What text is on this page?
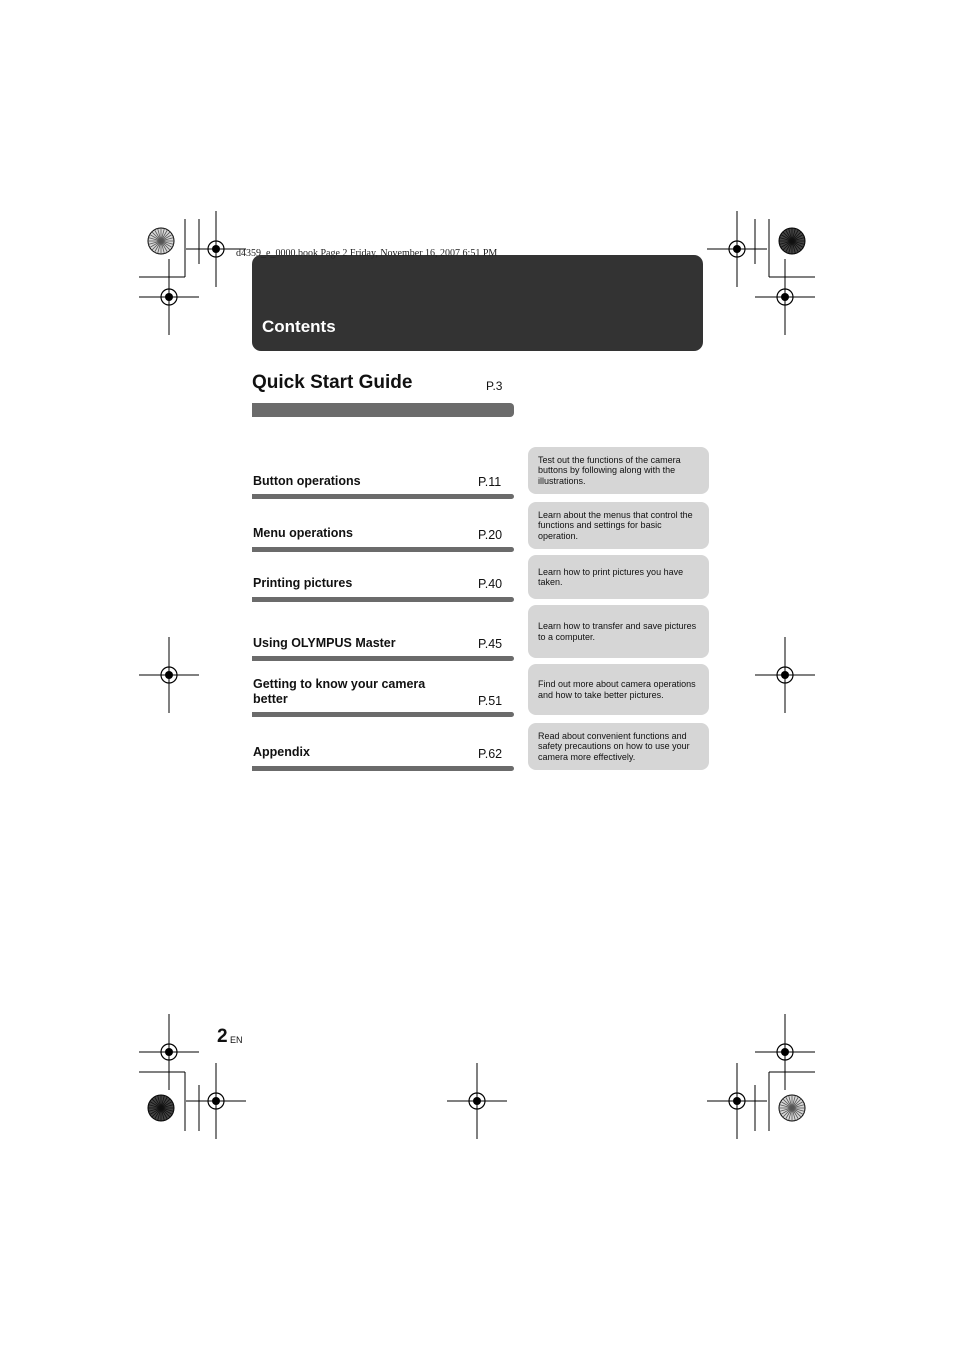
d4359_e_0000.book Page 2 Friday, November 16, 2007 6:51 PM
Contents
Quick Start Guide	P.3
Button operations	P.11
Test out the functions of the camera buttons by following along with the illustrations.
Menu operations	P.20
Learn about the menus that control the functions and settings for basic operation.
Printing pictures	P.40
Learn how to print pictures you have taken.
Using OLYMPUS Master	P.45
Learn how to transfer and save pictures to a computer.
Getting to know your camera better	P.51
Find out more about camera operations and how to take better pictures.
Appendix	P.62
Read about convenient functions and safety precautions on how to use your camera more effectively.
2 EN
